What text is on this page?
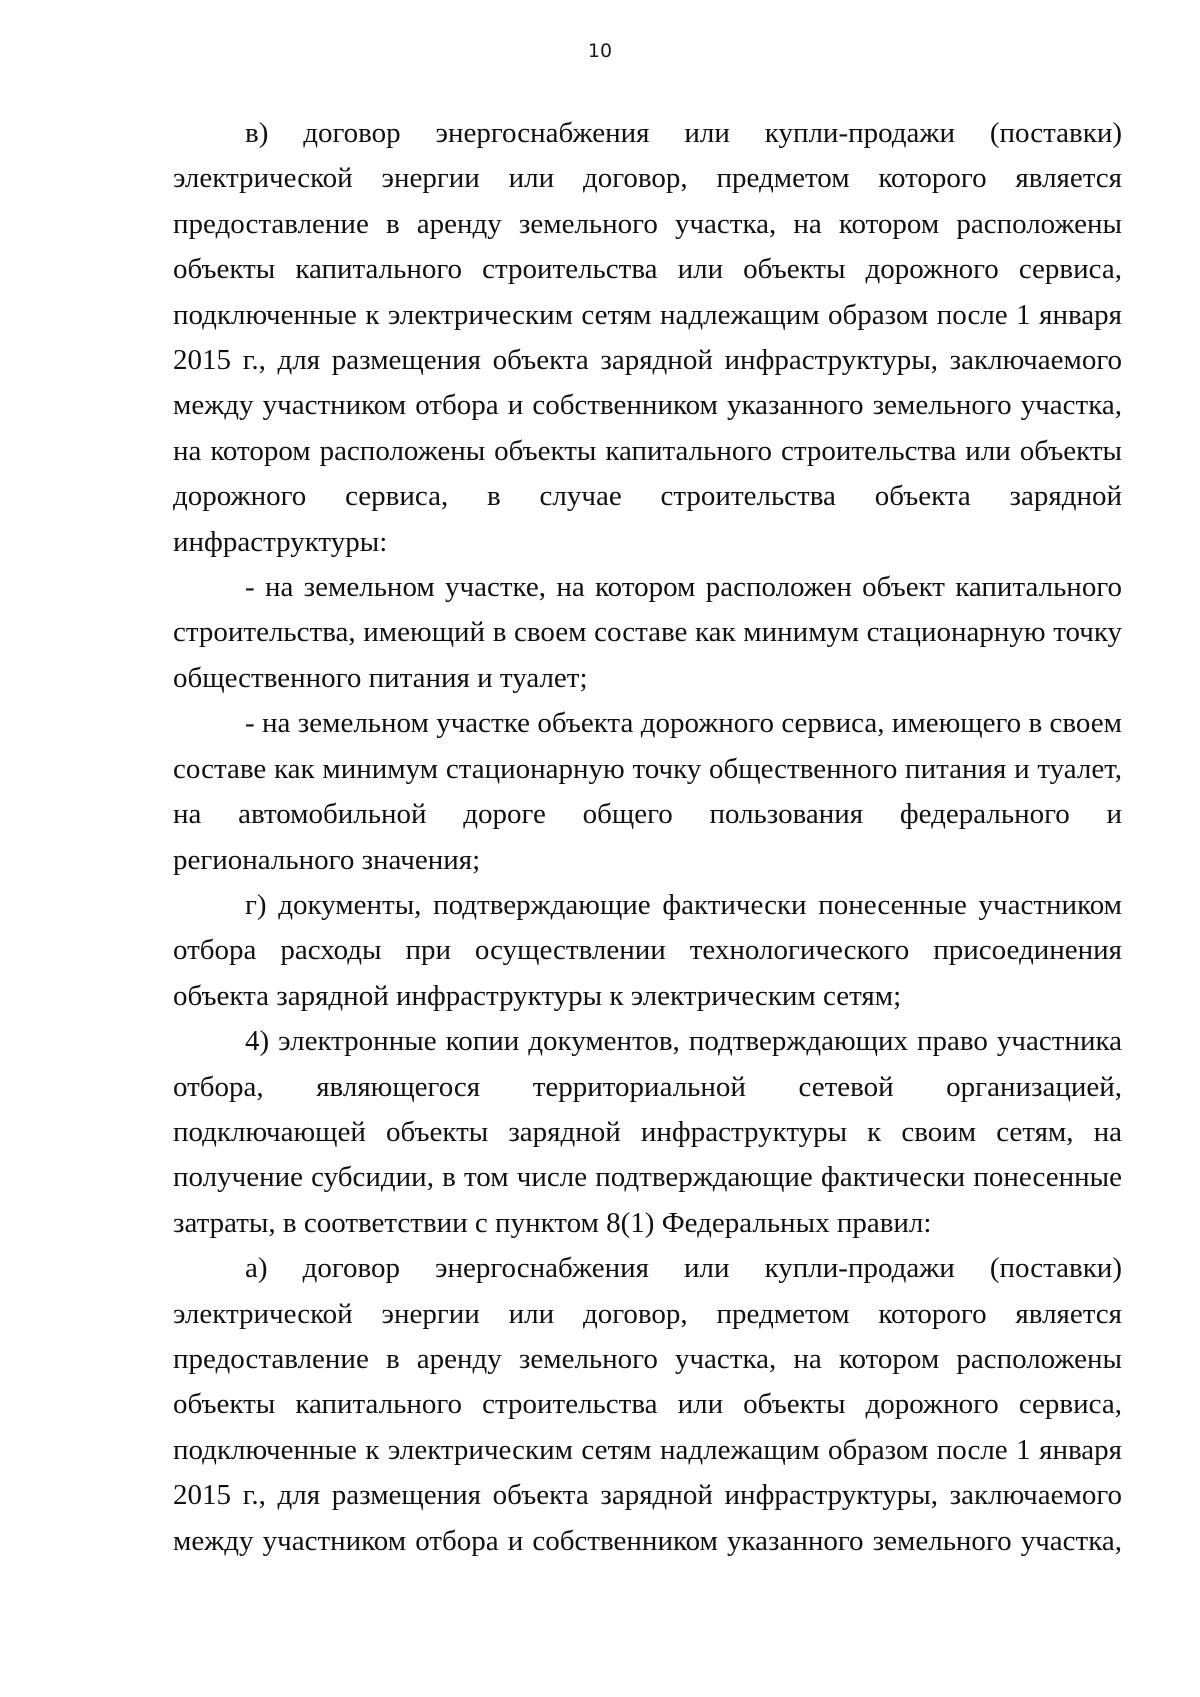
10

в) договор энергоснабжения или купли-продажи (поставки) электрической энергии или договор, предметом которого является предоставление в аренду земельного участка, на котором расположены объекты капитального строительства или объекты дорожного сервиса, подключенные к электрическим сетям надлежащим образом после 1 января 2015 г., для размещения объекта зарядной инфраструктуры, заключаемого между участником отбора и собственником указанного земельного участка, на котором расположены объекты капитального строительства или объекты дорожного сервиса, в случае строительства объекта зарядной инфраструктуры:

- на земельном участке, на котором расположен объект капитального строительства, имеющий в своем составе как минимум стационарную точку общественного питания и туалет;

- на земельном участке объекта дорожного сервиса, имеющего в своем составе как минимум стационарную точку общественного питания и туалет, на автомобильной дороге общего пользования федерального и регионального значения;

г) документы, подтверждающие фактически понесенные участником отбора расходы при осуществлении технологического присоединения объекта зарядной инфраструктуры к электрическим сетям;

4) электронные копии документов, подтверждающих право участника отбора, являющегося территориальной сетевой организацией, подключающей объекты зарядной инфраструктуры к своим сетям, на получение субсидии, в том числе подтверждающие фактически понесенные затраты, в соответствии с пунктом 8(1) Федеральных правил:

а) договор энергоснабжения или купли-продажи (поставки) электрической энергии или договор, предметом которого является предоставление в аренду земельного участка, на котором расположены объекты капитального строительства или объекты дорожного сервиса, подключенные к электрическим сетям надлежащим образом после 1 января 2015 г., для размещения объекта зарядной инфраструктуры, заключаемого между участником отбора и собственником указанного земельного участка,
